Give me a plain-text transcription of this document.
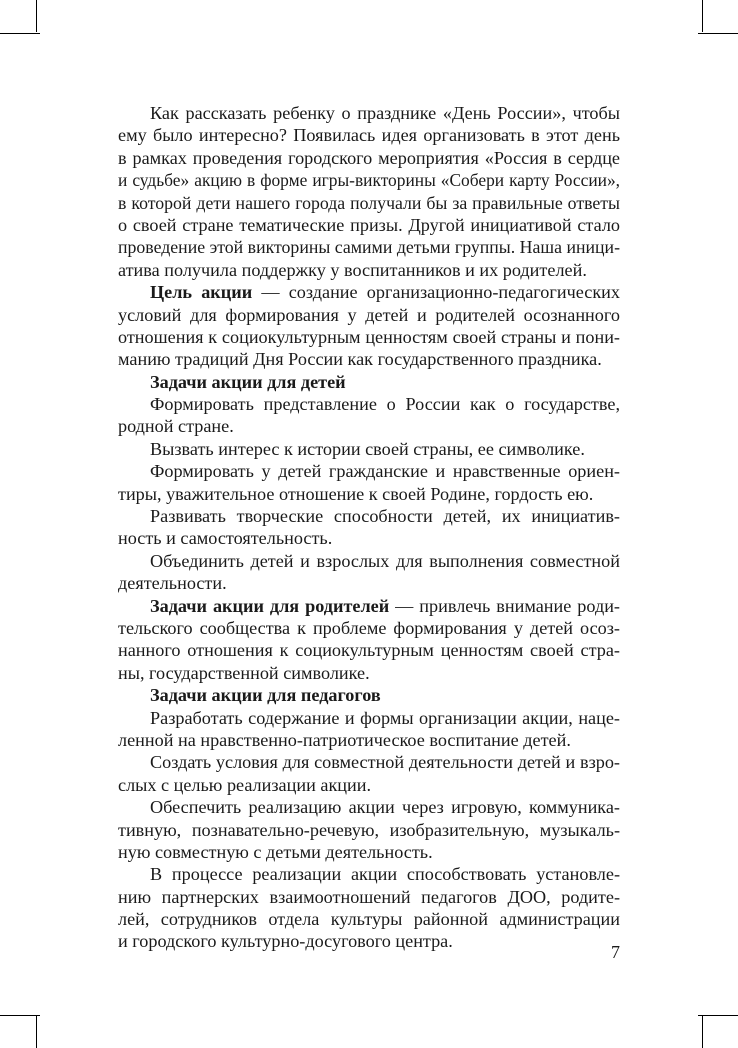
Как рассказать ребенку о празднике «День России», чтобы
ему было интересно? Появилась идея организовать в этот день
в рамках проведения городского мероприятия «Россия в сердце
и судьбе» акцию в форме игры-викторины «Собери карту России»,
в которой дети нашего города получали бы за правильные ответы
о своей стране тематические призы. Другой инициативой стало
проведение этой викторины самими детьми группы. Наша иници-
атива получила поддержку у воспитанников и их родителей.
Цель акции — создание организационно-педагогических
условий для формирования у детей и родителей осознанного
отношения к социокультурным ценностям своей страны и пони-
манию традиций Дня России как государственного праздника.
Задачи акции для детей
Формировать представление о России как о государстве,
родной стране.
Вызвать интерес к истории своей страны, ее символике.
Формировать у детей гражданские и нравственные ориен-
тиры, уважительное отношение к своей Родине, гордость ею.
Развивать творческие способности детей, их инициатив-
ность и самостоятельность.
Объединить детей и взрослых для выполнения совместной
деятельности.
Задачи акции для родителей — привлечь внимание роди-
тельского сообщества к проблеме формирования у детей осоз-
нанного отношения к социокультурным ценностям своей стра-
ны, государственной символике.
Задачи акции для педагогов
Разработать содержание и формы организации акции, наце-
ленной на нравственно-патриотическое воспитание детей.
Создать условия для совместной деятельности детей и взро-
слых с целью реализации акции.
Обеспечить реализацию акции через игровую, коммуника-
тивную, познавательно-речевую, изобразительную, музыкаль-
ную совместную с детьми деятельность.
В процессе реализации акции способствовать установле-
нию партнерских взаимоотношений педагогов ДОО, родите-
лей, сотрудников отдела культуры районной администрации
и городского культурно-досугового центра.
7
